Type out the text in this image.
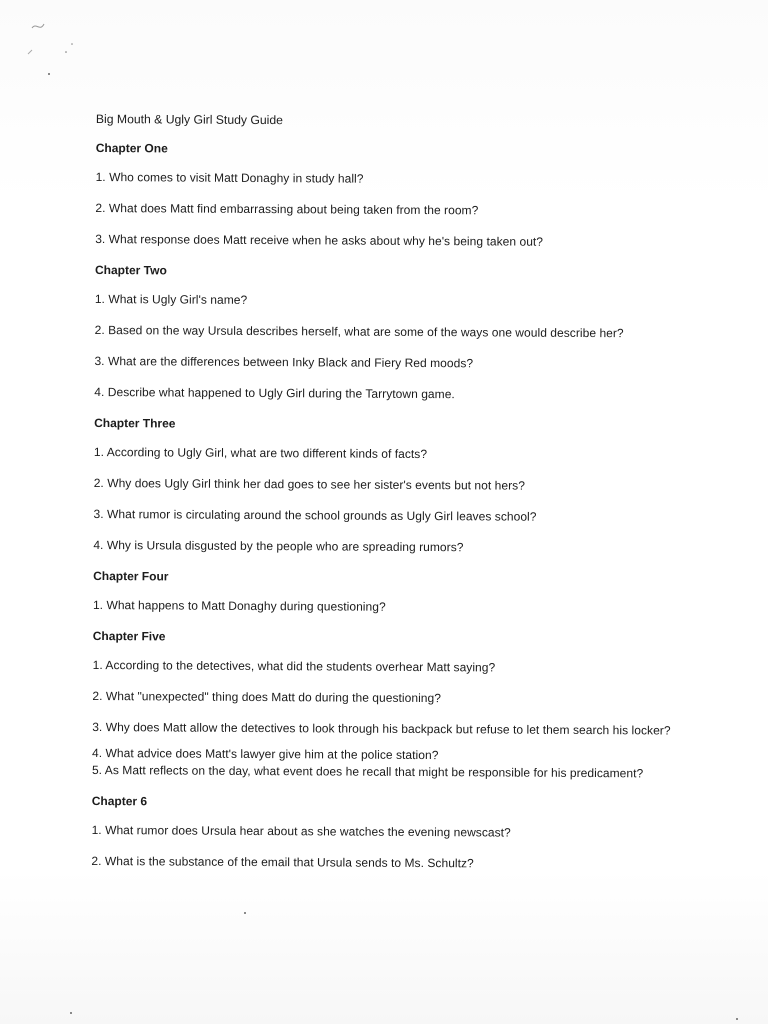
Big Mouth & Ugly Girl Study Guide
Chapter One
1. Who comes to visit Matt Donaghy in study hall?
2. What does Matt find embarrassing about being taken from the room?
3. What response does Matt receive when he asks about why he's being taken out?
Chapter Two
1. What is Ugly Girl's name?
2. Based on the way Ursula describes herself, what are some of the ways one would describe her?
3. What are the differences between Inky Black and Fiery Red moods?
4. Describe what happened to Ugly Girl during the Tarrytown game.
Chapter Three
1. According to Ugly Girl, what are two different kinds of facts?
2. Why does Ugly Girl think her dad goes to see her sister's events but not hers?
3. What rumor is circulating around the school grounds as Ugly Girl leaves school?
4. Why is Ursula disgusted by the people who are spreading rumors?
Chapter Four
1. What happens to Matt Donaghy during questioning?
Chapter Five
1. According to the detectives, what did the students overhear Matt saying?
2. What "unexpected" thing does Matt do during the questioning?
3. Why does Matt allow the detectives to look through his backpack but refuse to let them search his locker?
4. What advice does Matt's lawyer give him at the police station?
5. As Matt reflects on the day, what event does he recall that might be responsible for his predicament?
Chapter 6
1. What rumor does Ursula hear about as she watches the evening newscast?
2. What is the substance of the email that Ursula sends to Ms. Schultz?
